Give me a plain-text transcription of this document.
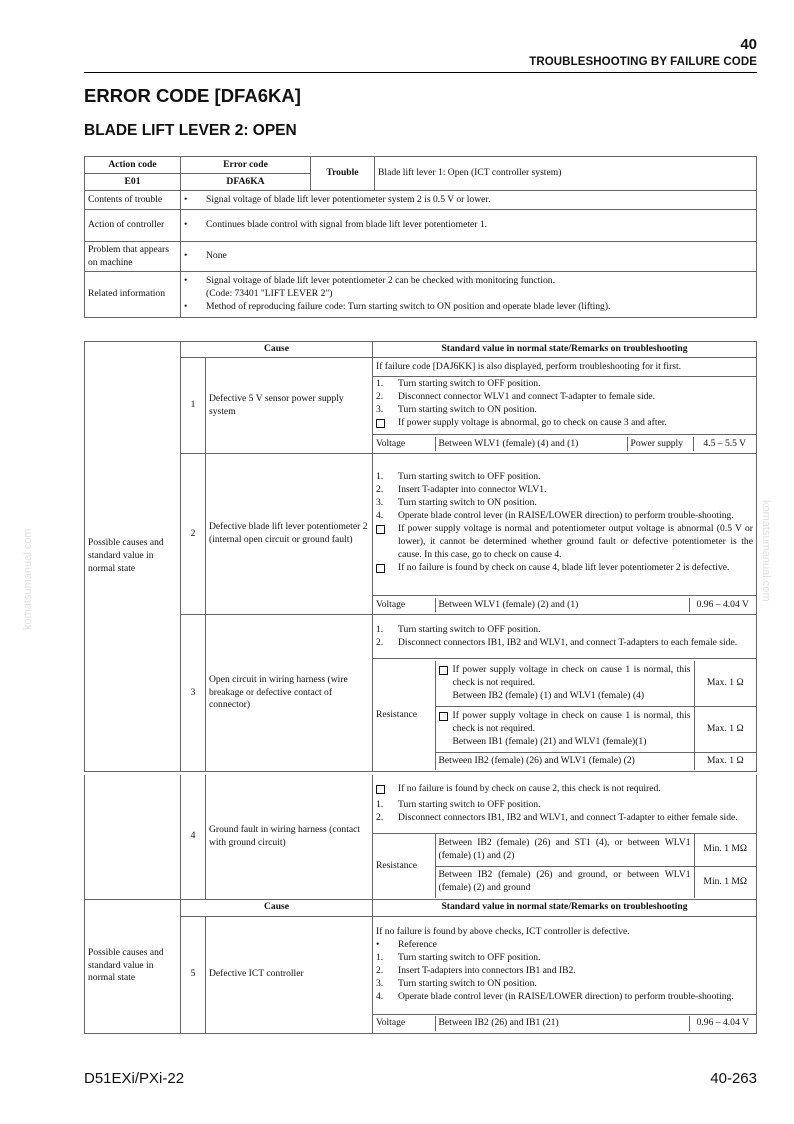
40
TROUBLESHOOTING BY FAILURE CODE
ERROR CODE [DFA6KA]
BLADE LIFT LEVER 2: OPEN
komatsumanual.com	komatsumanual.com
Action code	Error code	Trouble	Blade lift lever 1: Open (ICT controller system)
E01	DFA6KA		
Contents of trouble	• Signal voltage of blade lift lever potentiometer system 2 is 0.5 V or lower.		

Action of controller	• Continues blade control with signal from blade lift lever potentiometer 1.		

Problem that appears on machine	• None		

Related information	• Signal voltage of blade lift lever potentiometer 2 can be checked with monitoring function.
(Code: 73401 "LIFT LEVER 2")
• Method of reproducing failure code: Turn starting switch to ON position and operate blade lever (lifting).		
Possible causes and standard value in normal state	Cause	Standard value in normal state/Remarks on troubleshooting
1	Defective 5 V sensor power supply system	If failure code [DAJ6KK] is also displayed, perform troubleshooting for it first.

1.	Turn starting switch to OFF position.
2.	Disconnect connector WLV1 and connect T-adapter to female side.
3.	Turn starting switch to ON position.
If power supply voltage is abnormal, go to check on cause 3 and after.

Voltage	Between WLV1 (female) (4) and (1)	Power supply	4.5 – 5.5 V

2	Defective blade lift lever potentiometer 2 (internal open circuit or ground fault)	
1.	Turn starting switch to OFF position.
2.	Insert T-adapter into connector WLV1.
3.	Turn starting switch to ON position.
4.	Operate blade control lever (in RAISE/LOWER direction) to perform trouble-shooting.
If power supply voltage is normal and potentiometer output voltage is abnormal (0.5 V or lower), it cannot be determined whether ground fault or defective potentiometer is the cause. In this case, go to check on cause 4.
If no failure is found by check on cause 4, blade lift lever potentiometer 2 is defective.

Voltage	Between WLV1 (female) (2) and (1)	0.96 – 4.04 V

3	Open circuit in wiring harness (wire breakage or defective contact of connector)	
1.	Turn starting switch to OFF position.
2.	Disconnect connectors IB1, IB2 and WLV1, and connect T-adapters to each female side.

Resistance	
If power supply voltage in check on cause 1 is normal, this check is not required.
Between IB2 (female) (1) and WLV1 (female) (4)
	Max. 1 Ω

If power supply voltage in check on cause 1 is normal, this check is not required.
Between IB1 (female) (21) and WLV1 (female)(1)
	Max. 1 Ω
Between IB2 (female) (26) and WLV1 (female) (2)	Max. 1 Ω
	4	Ground fault in wiring harness (contact with ground circuit)	
If no failure is found by check on cause 2, this check is not required.
1.	Turn starting switch to OFF position.
2.	Disconnect connectors IB1, IB2 and WLV1, and connect T-adapter to either female side.

Resistance	Between IB2 (female) (26) and ST1 (4), or between WLV1 (female) (1) and (2)	Min. 1 MΩ
Between IB2 (female) (26) and ground, or between WLV1 (female) (2) and ground	Min. 1 MΩ

Possible causes and standard value in normal state	Cause	Standard value in normal state/Remarks on troubleshooting
5	Defective ICT controller	
If no failure is found by above checks, ICT controller is defective.
•	Reference
1.	Turn starting switch to OFF position.
2.	Insert T-adapters into connectors IB1 and IB2.
3.	Turn starting switch to ON position.
4.	Operate blade control lever (in RAISE/LOWER direction) to perform trouble-shooting.

Voltage	Between IB2 (26) and IB1 (21)	0.96 – 4.04 V
D51EXi/PXi-22	40-263
